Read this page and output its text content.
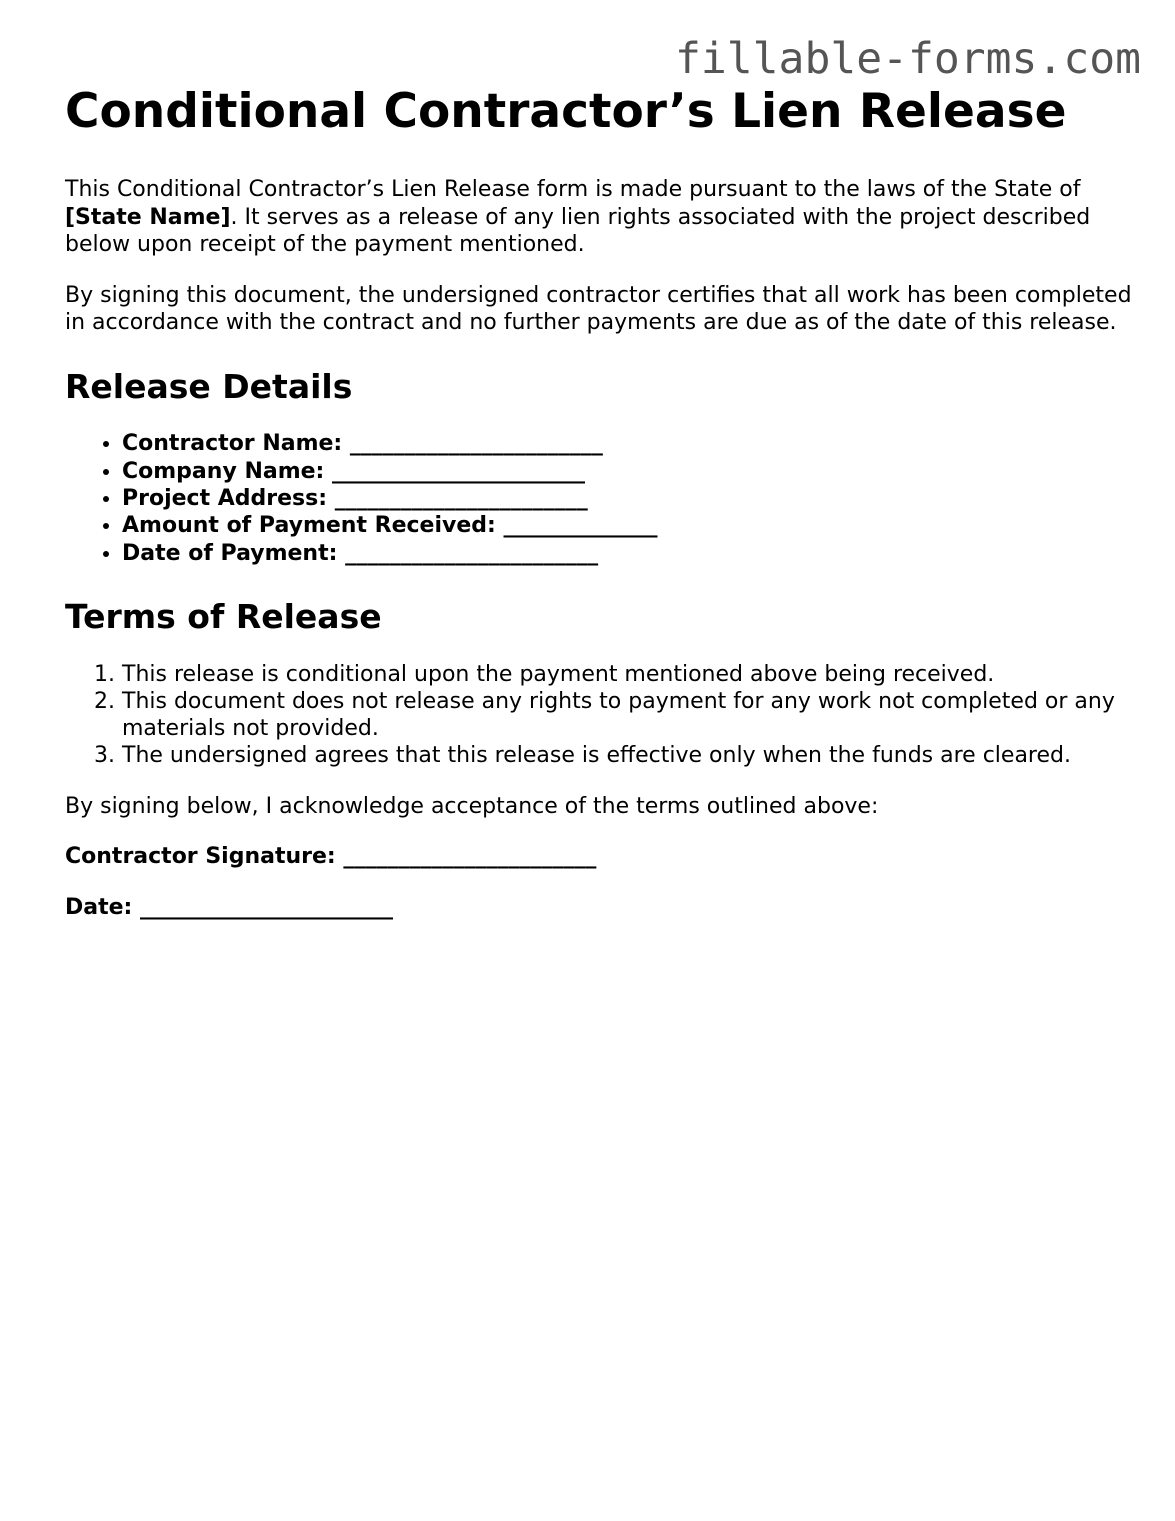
fillable-forms.com
Conditional Contractor’s Lien Release

This Conditional Contractor’s Lien Release form is made pursuant to the laws of the State of [State Name]. It serves as a release of any lien rights associated with the project described below upon receipt of the payment mentioned.

By signing this document, the undersigned contractor certifies that all work has been completed in accordance with the contract and no further payments are due as of the date of this release.

Release Details
• Contractor Name: _______________________
• Company Name: _______________________
• Project Address: _______________________
• Amount of Payment Received: ______________
• Date of Payment: _______________________
Terms of Release
1. This release is conditional upon the payment mentioned above being received.
2. This document does not release any rights to payment for any work not completed or any materials not provided.
3. The undersigned agrees that this release is effective only when the funds are cleared.

By signing below, I acknowledge acceptance of the terms outlined above:

Contractor Signature: _______________________
Date: _______________________
